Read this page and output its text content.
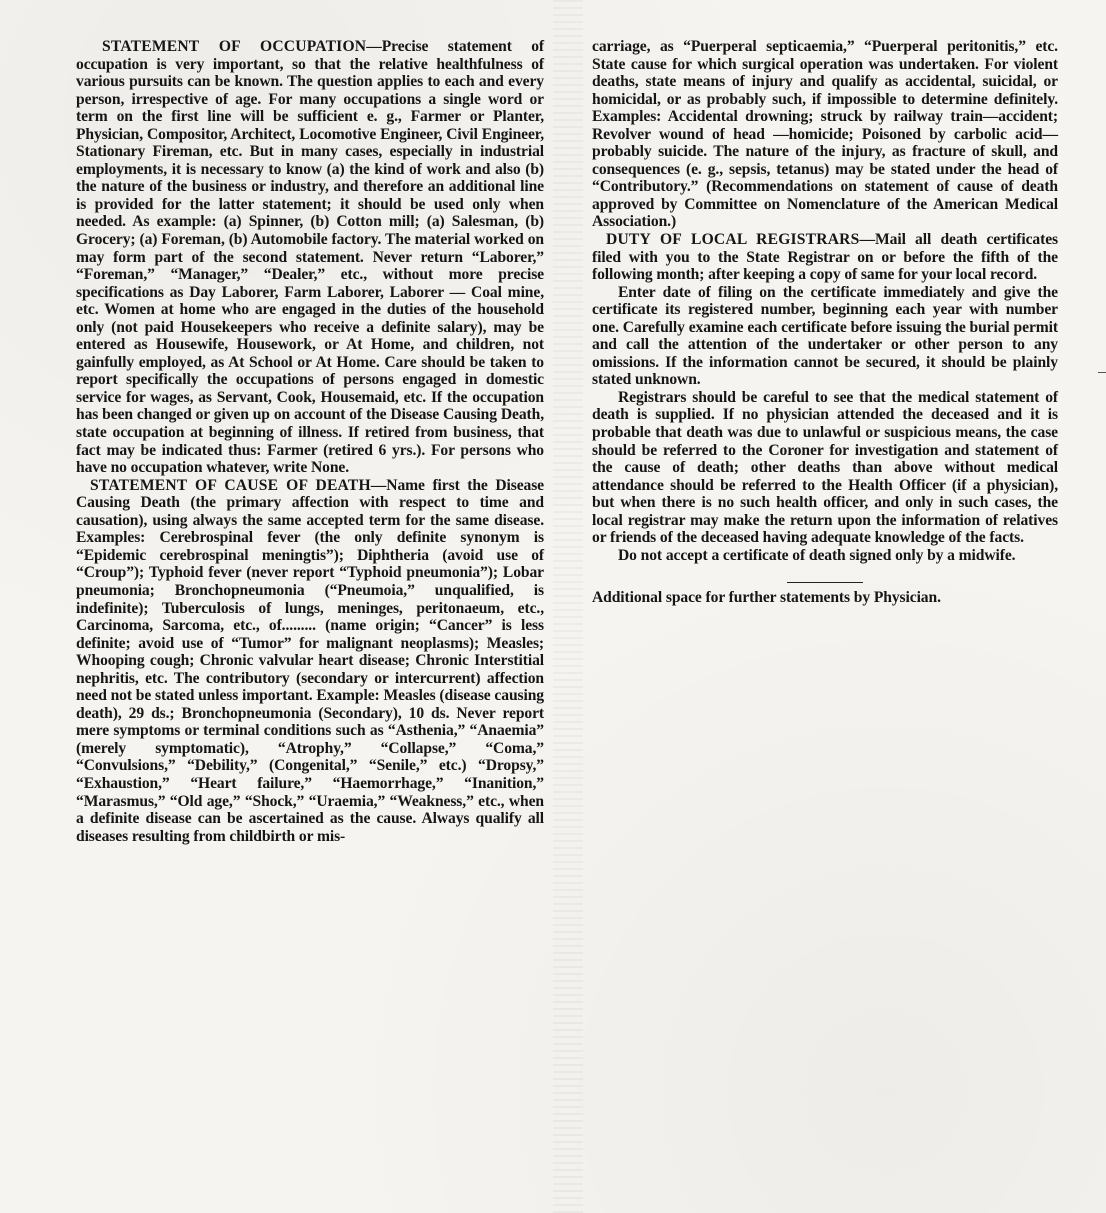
STATEMENT OF OCCUPATION—Precise statement of occupation is very important, so that the relative healthfulness of various pursuits can be known. The question applies to each and every person, irrespective of age. For many occupations a single word or term on the first line will be sufficient e. g., Farmer or Planter, Physician, Compositor, Architect, Locomotive Engineer, Civil Engineer, Stationary Fireman, etc. But in many cases, especially in industrial employments, it is necessary to know (a) the kind of work and also (b) the nature of the business or industry, and therefore an additional line is provided for the latter statement; it should be used only when needed. As example: (a) Spinner, (b) Cotton mill; (a) Salesman, (b) Grocery; (a) Foreman, (b) Automobile factory. The material worked on may form part of the second statement. Never return “Laborer,” “Foreman,” “Manager,” “Dealer,” etc., without more precise specifications as Day Laborer, Farm Laborer, Laborer — Coal mine, etc. Women at home who are engaged in the duties of the household only (not paid Housekeepers who receive a definite salary), may be entered as Housewife, Housework, or At Home, and children, not gainfully employed, as At School or At Home. Care should be taken to report specifically the occupations of persons engaged in domestic service for wages, as Servant, Cook, Housemaid, etc. If the occupation has been changed or given up on account of the Disease Causing Death, state occupation at beginning of illness. If retired from business, that fact may be indicated thus: Farmer (retired 6 yrs.). For persons who have no occupation whatever, write None.

STATEMENT OF CAUSE OF DEATH—Name first the Disease Causing Death (the primary affection with respect to time and causation), using always the same accepted term for the same disease. Examples: Cerebrospinal fever (the only definite synonym is “Epidemic cerebrospinal meningtis”); Diphtheria (avoid use of “Croup”); Typhoid fever (never report “Typhoid pneumonia”); Lobar pneumonia; Bronchopneumonia (“Pneumoia,” unqualified, is indefinite); Tuberculosis of lungs, meninges, peritonaeum, etc., Carcinoma, Sarcoma, etc., of......... (name origin; “Cancer” is less definite; avoid use of “Tumor” for malignant neoplasms); Measles; Whooping cough; Chronic valvular heart disease; Chronic Interstitial nephritis, etc. The contributory (secondary or intercurrent) affection need not be stated unless important. Example: Measles (disease causing death), 29 ds.; Bronchopneumonia (Secondary), 10 ds. Never report mere symptoms or terminal conditions such as “Asthenia,” “Anaemia” (merely symptomatic), “Atrophy,” “Collapse,” “Coma,” “Convulsions,” “Debility,” (Congenital,” “Senile,” etc.) “Dropsy,” “Exhaustion,” “Heart failure,” “Haemorrhage,” “Inanition,” “Marasmus,” “Old age,” “Shock,” “Uraemia,” “Weakness,” etc., when a definite disease can be ascertained as the cause. Always qualify all diseases resulting from childbirth or mis-

carriage, as “Puerperal septicaemia,” “Puerperal peritonitis,” etc. State cause for which surgical operation was undertaken. For violent deaths, state means of injury and qualify as accidental, suicidal, or homicidal, or as probably such, if impossible to determine definitely. Examples: Accidental drowning; struck by railway train—accident; Revolver wound of head —homicide; Poisoned by carbolic acid—probably suicide. The nature of the injury, as fracture of skull, and consequences (e. g., sepsis, tetanus) may be stated under the head of “Contributory.” (Recommendations on statement of cause of death approved by Committee on Nomenclature of the American Medical Association.)

DUTY OF LOCAL REGISTRARS—Mail all death certificates filed with you to the State Registrar on or before the fifth of the following month; after keeping a copy of same for your local record.

Enter date of filing on the certificate immediately and give the certificate its registered number, beginning each year with number one. Carefully examine each certificate before issuing the burial permit and call the attention of the undertaker or other person to any omissions. If the information cannot be secured, it should be plainly stated unknown.

Registrars should be careful to see that the medical statement of death is supplied. If no physician attended the deceased and it is probable that death was due to unlawful or suspicious means, the case should be referred to the Coroner for investigation and statement of the cause of death; other deaths than above without medical attendance should be referred to the Health Officer (if a physician), but when there is no such health officer, and only in such cases, the local registrar may make the return upon the information of relatives or friends of the deceased having adequate knowledge of the facts.

Do not accept a certificate of death signed only by a midwife.

Additional space for further statements by Physician.
